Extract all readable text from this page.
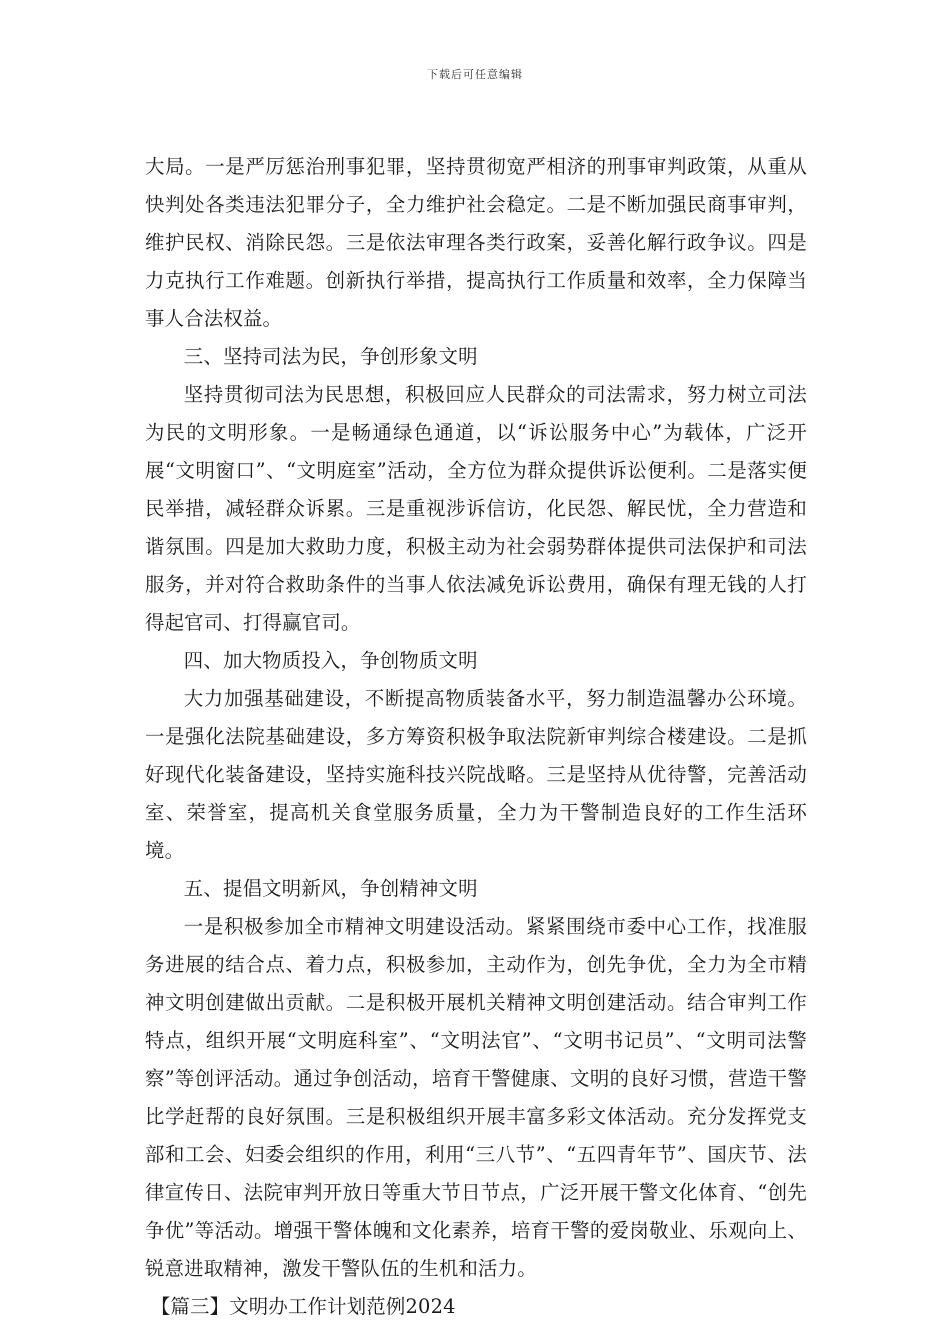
下载后可任意编辑

大局。一是严厉惩治刑事犯罪，坚持贯彻宽严相济的刑事审判政策，从重从快判处各类违法犯罪分子，全力维护社会稳定。二是不断加强民商事审判，维护民权、消除民怨。三是依法审理各类行政案，妥善化解行政争议。四是力克执行工作难题。创新执行举措，提高执行工作质量和效率，全力保障当事人合法权益。

三、坚持司法为民，争创形象文明

坚持贯彻司法为民思想，积极回应人民群众的司法需求，努力树立司法为民的文明形象。一是畅通绿色通道，以“诉讼服务中心”为载体，广泛开展“文明窗口”、“文明庭室”活动，全方位为群众提供诉讼便利。二是落实便民举措，减轻群众诉累。三是重视涉诉信访，化民怨、解民忧，全力营造和谐氛围。四是加大救助力度，积极主动为社会弱势群体提供司法保护和司法服务，并对符合救助条件的当事人依法减免诉讼费用，确保有理无钱的人打得起官司、打得赢官司。

四、加大物质投入，争创物质文明

大力加强基础建设，不断提高物质装备水平，努力制造温馨办公环境。一是强化法院基础建设，多方筹资积极争取法院新审判综合楼建设。二是抓好现代化装备建设，坚持实施科技兴院战略。三是坚持从优待警，完善活动室、荣誉室，提高机关食堂服务质量，全力为干警制造良好的工作生活环境。

五、提倡文明新风，争创精神文明

一是积极参加全市精神文明建设活动。紧紧围绕市委中心工作，找准服务进展的结合点、着力点，积极参加，主动作为，创先争优，全力为全市精神文明创建做出贡献。二是积极开展机关精神文明创建活动。结合审判工作特点，组织开展“文明庭科室”、“文明法官”、“文明书记员”、“文明司法警察”等创评活动。通过争创活动，培育干警健康、文明的良好习惯，营造干警比学赶帮的良好氛围。三是积极组织开展丰富多彩文体活动。充分发挥党支部和工会、妇委会组织的作用，利用“三八节”、“五四青年节”、国庆节、法律宣传日、法院审判开放日等重大节日节点，广泛开展干警文化体育、“创先争优”等活动。增强干警体魄和文化素养，培育干警的爱岗敬业、乐观向上、锐意进取精神，激发干警队伍的生机和活力。

【篇三】文明办工作计划范例2024
